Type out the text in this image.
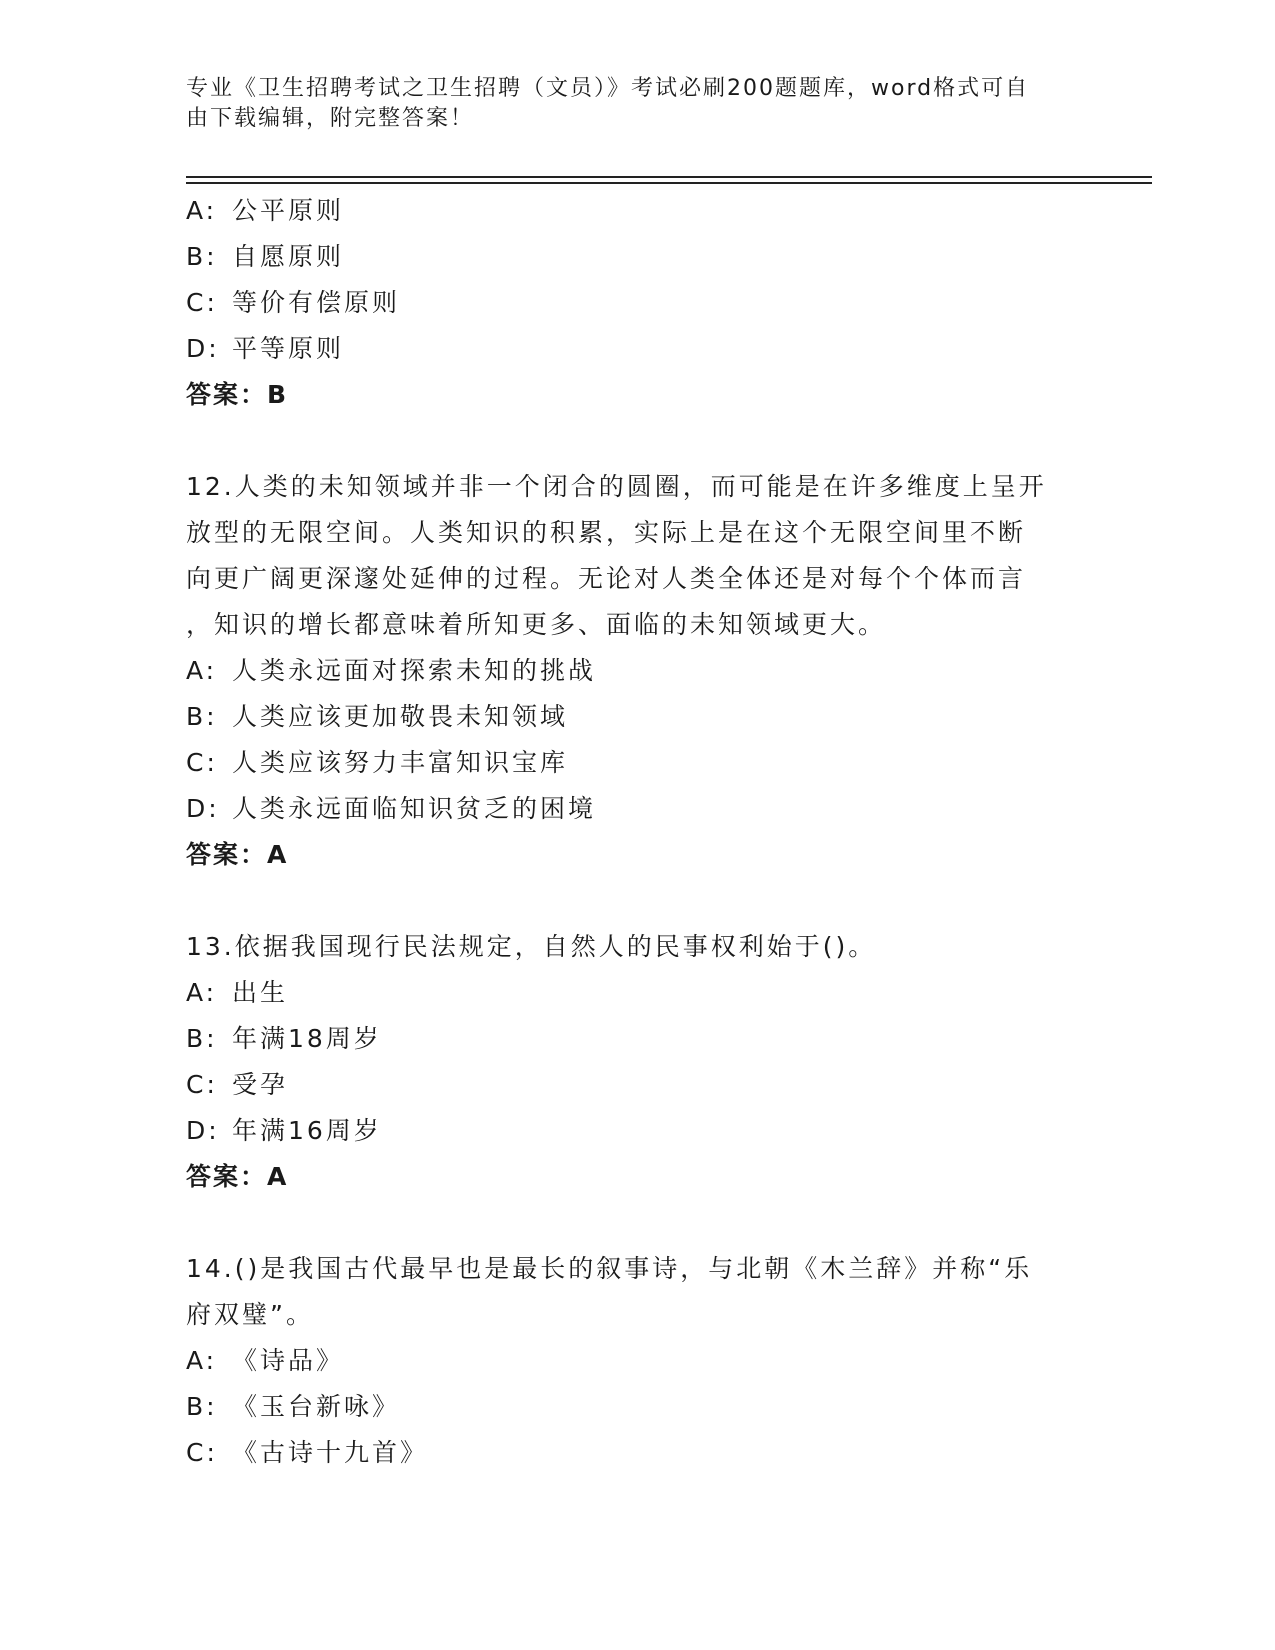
专业《卫生招聘考试之卫生招聘（文员）》考试必刷200题题库，word格式可自
由下载编辑，附完整答案！
A: 公平原则
B: 自愿原则
C: 等价有偿原则
D: 平等原则
答案：B
12.人类的未知领域并非一个闭合的圆圈，而可能是在许多维度上呈开
放型的无限空间。人类知识的积累，实际上是在这个无限空间里不断
向更广阔更深邃处延伸的过程。无论对人类全体还是对每个个体而言
，知识的增长都意味着所知更多、面临的未知领域更大。
A: 人类永远面对探索未知的挑战
B: 人类应该更加敬畏未知领域
C: 人类应该努力丰富知识宝库
D: 人类永远面临知识贫乏的困境
答案：A
13.依据我国现行民法规定，自然人的民事权利始于()。
A: 出生
B: 年满18周岁
C: 受孕
D: 年满16周岁
答案：A
14.()是我国古代最早也是最长的叙事诗，与北朝《木兰辞》并称“乐
府双璧”。
A: 《诗品》
B: 《玉台新咏》
C: 《古诗十九首》
